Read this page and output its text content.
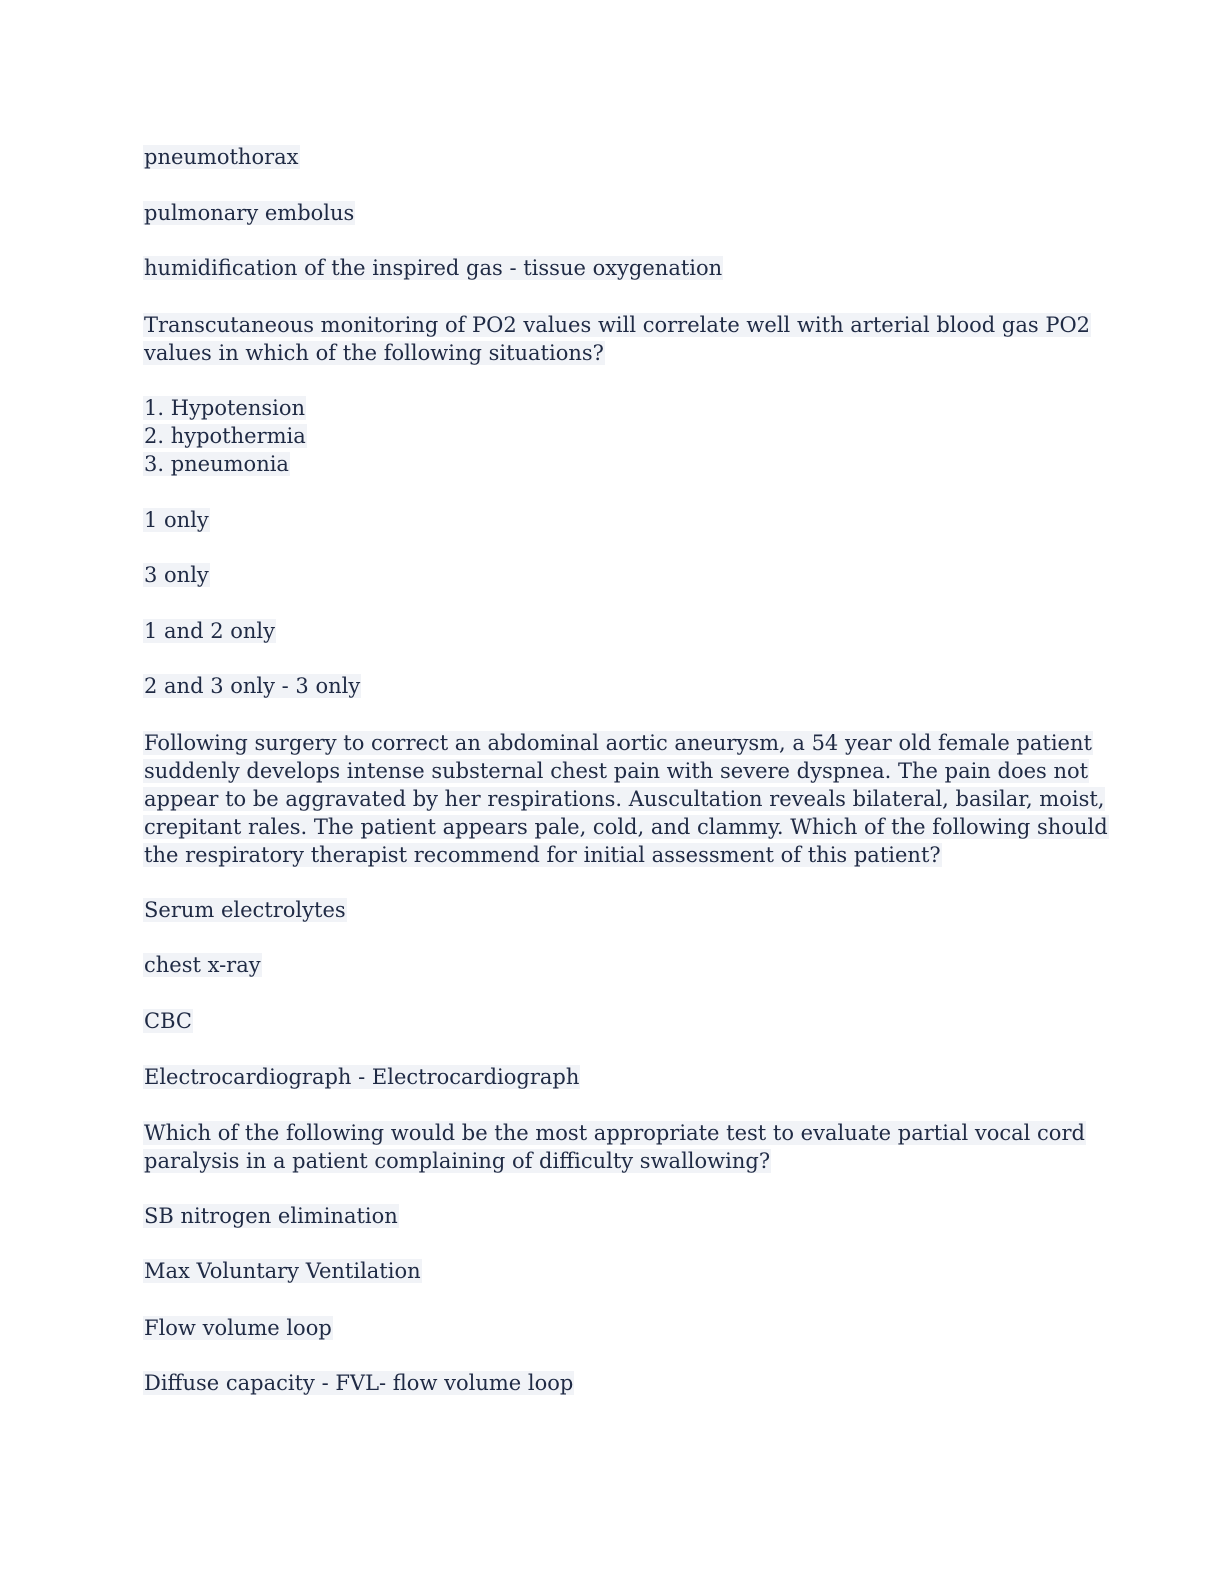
pneumothorax
pulmonary embolus
humidification of the inspired gas - tissue oxygenation
Transcutaneous monitoring of PO2 values will correlate well with arterial blood gas PO2
values in which of the following situations?
1. Hypotension
2. hypothermia
3. pneumonia
1 only
3 only
1 and 2 only
2 and 3 only - 3 only
Following surgery to correct an abdominal aortic aneurysm, a 54 year old female patient
suddenly develops intense substernal chest pain with severe dyspnea. The pain does not
appear to be aggravated by her respirations. Auscultation reveals bilateral, basilar, moist,
crepitant rales. The patient appears pale, cold, and clammy. Which of the following should
the respiratory therapist recommend for initial assessment of this patient?
Serum electrolytes
chest x-ray
CBC
Electrocardiograph - Electrocardiograph
Which of the following would be the most appropriate test to evaluate partial vocal cord
paralysis in a patient complaining of difficulty swallowing?
SB nitrogen elimination
Max Voluntary Ventilation
Flow volume loop
Diffuse capacity - FVL- flow volume loop
